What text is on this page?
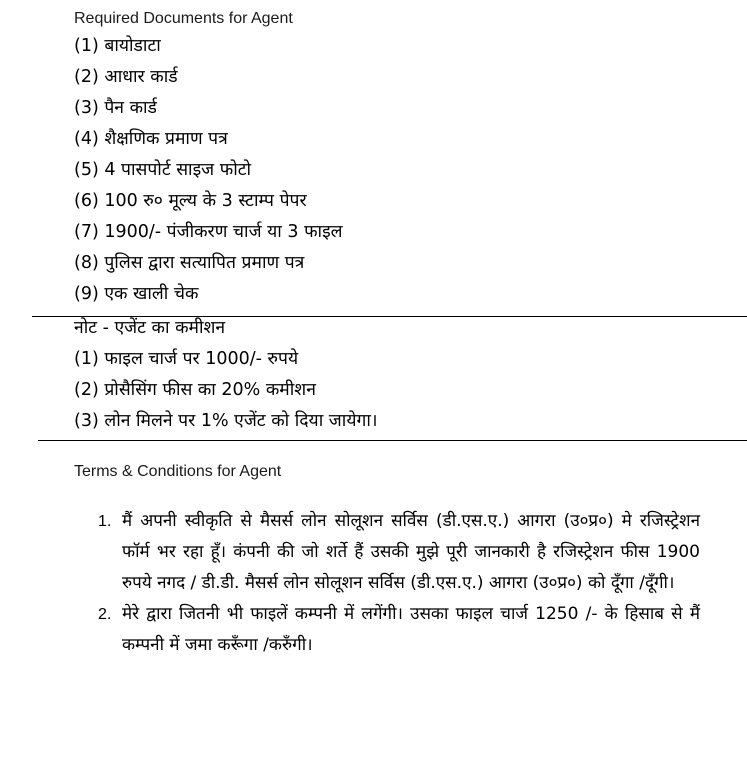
Required Documents for Agent
(1) बायोडाटा
(2) आधार कार्ड
(3) पैन कार्ड
(4) शैक्षणिक प्रमाण पत्र
(5) 4 पासपोर्ट साइज फोटो
(6) 100 रु० मूल्य के 3 स्टाम्प पेपर
(7) 1900/- पंजीकरण चार्ज या 3 फाइल
(8) पुलिस द्वारा सत्यापित प्रमाण पत्र
(9) एक खाली चेक
नोट - एजेंट का कमीशन
(1) फाइल चार्ज पर 1000/- रुपये
(2) प्रोसैसिंग फीस का 20% कमीशन
(3) लोन मिलने पर 1% एजेंट को दिया जायेगा।
Terms & Conditions for Agent
1. मैं अपनी स्वीकृति से मैसर्स लोन सोलूशन सर्विस (डी.एस.ए.) आगरा (उ०प्र०) मे रजिस्ट्रेशन फॉर्म भर रहा हूँ। कंपनी की जो शर्ते हैं उसकी मुझे पूरी जानकारी है रजिस्ट्रेशन फीस 1900 रुपये नगद / डी.डी. मैसर्स लोन सोलूशन सर्विस (डी.एस.ए.) आगरा (उ०प्र०) को दूँगा /दूँगी।
2. मेरे द्वारा जितनी भी फाइलें कम्पनी में लगेंगी। उसका फाइल चार्ज 1250 /- के हिसाब से मैं कम्पनी में जमा करूँगा /करुँगी।
